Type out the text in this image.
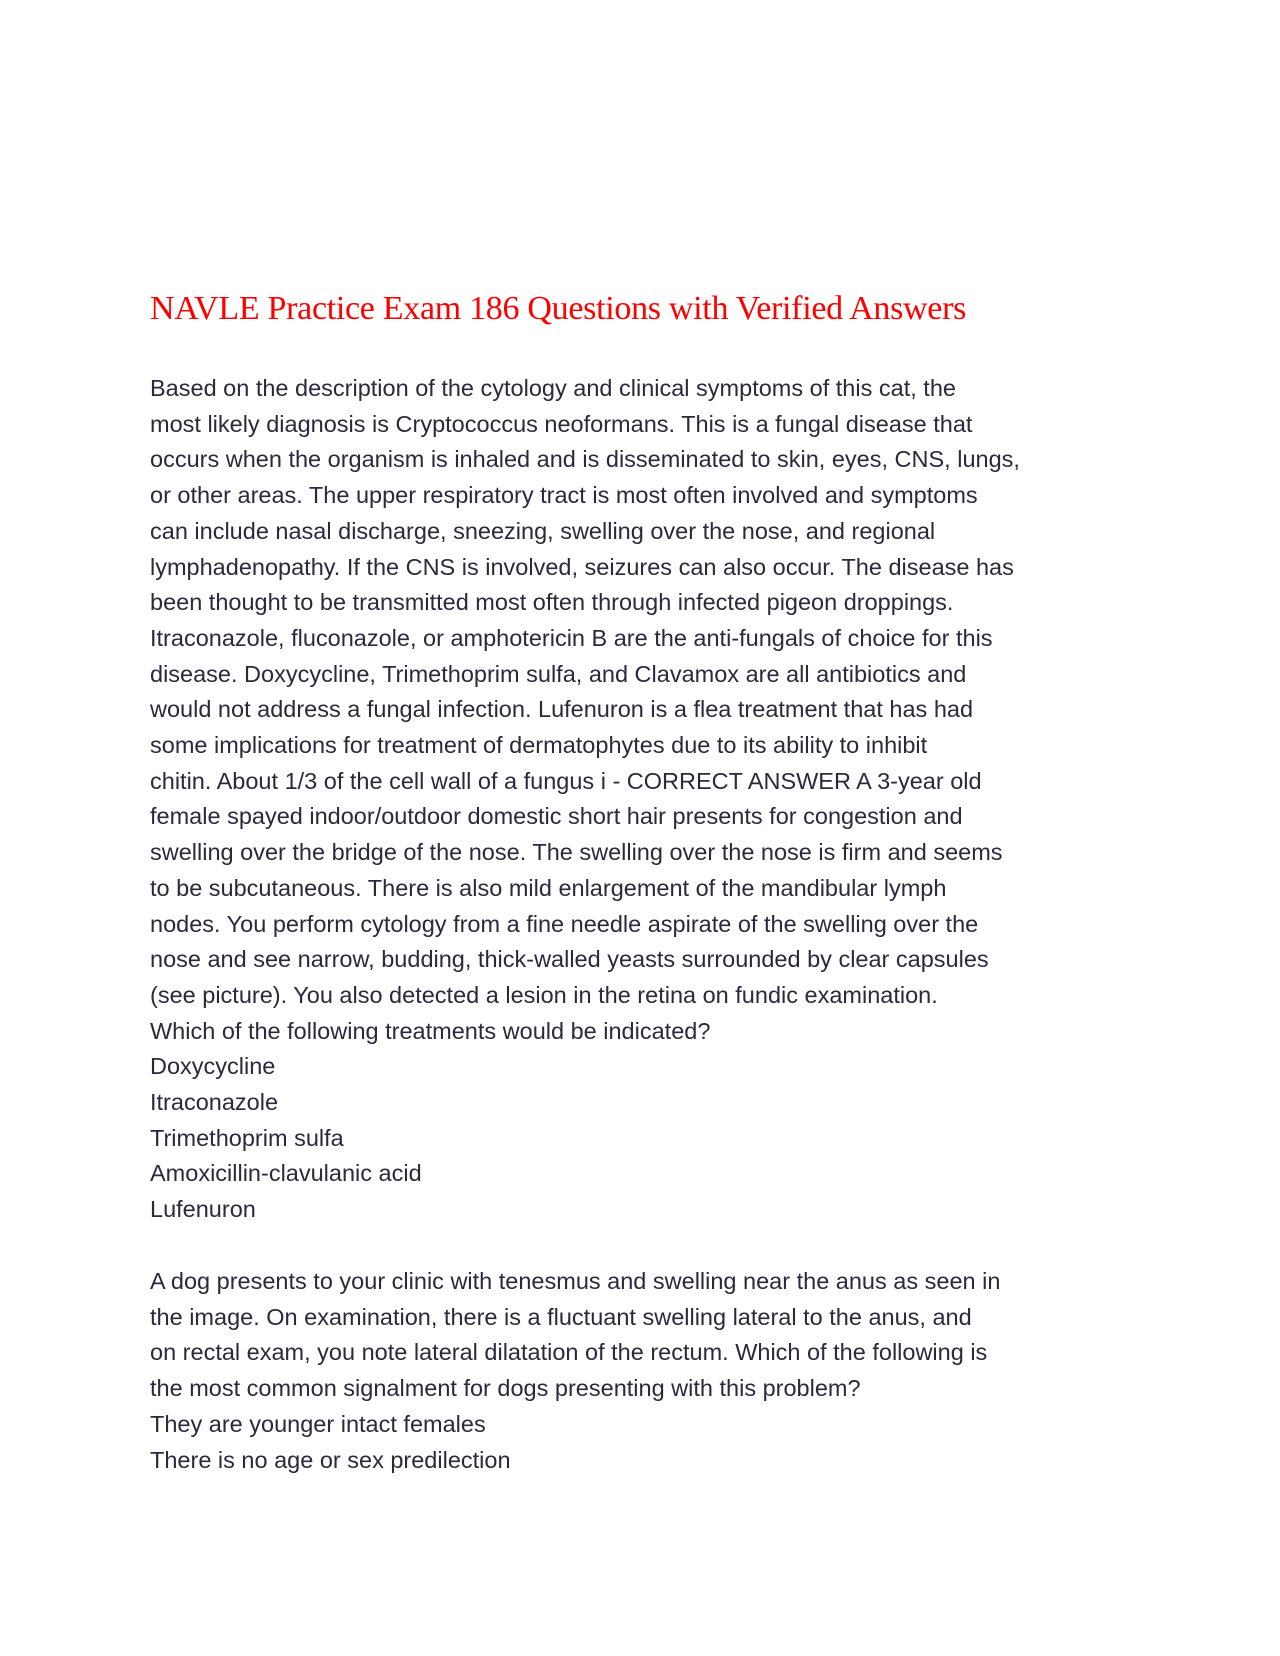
NAVLE Practice Exam 186 Questions with Verified Answers
Based on the description of the cytology and clinical symptoms of this cat, the
most likely diagnosis is Cryptococcus neoformans. This is a fungal disease that
occurs when the organism is inhaled and is disseminated to skin, eyes, CNS, lungs,
or other areas. The upper respiratory tract is most often involved and symptoms
can include nasal discharge, sneezing, swelling over the nose, and regional
lymphadenopathy. If the CNS is involved, seizures can also occur. The disease has
been thought to be transmitted most often through infected pigeon droppings.
Itraconazole, fluconazole, or amphotericin B are the anti-fungals of choice for this
disease. Doxycycline, Trimethoprim sulfa, and Clavamox are all antibiotics and
would not address a fungal infection. Lufenuron is a flea treatment that has had
some implications for treatment of dermatophytes due to its ability to inhibit
chitin. About 1/3 of the cell wall of a fungus i - CORRECT ANSWER A 3-year old
female spayed indoor/outdoor domestic short hair presents for congestion and
swelling over the bridge of the nose. The swelling over the nose is firm and seems
to be subcutaneous. There is also mild enlargement of the mandibular lymph
nodes. You perform cytology from a fine needle aspirate of the swelling over the
nose and see narrow, budding, thick-walled yeasts surrounded by clear capsules
(see picture). You also detected a lesion in the retina on fundic examination.
Which of the following treatments would be indicated?
Doxycycline
Itraconazole
Trimethoprim sulfa
Amoxicillin-clavulanic acid
Lufenuron
A dog presents to your clinic with tenesmus and swelling near the anus as seen in
the image. On examination, there is a fluctuant swelling lateral to the anus, and
on rectal exam, you note lateral dilatation of the rectum. Which of the following is
the most common signalment for dogs presenting with this problem?
They are younger intact females
There is no age or sex predilection
